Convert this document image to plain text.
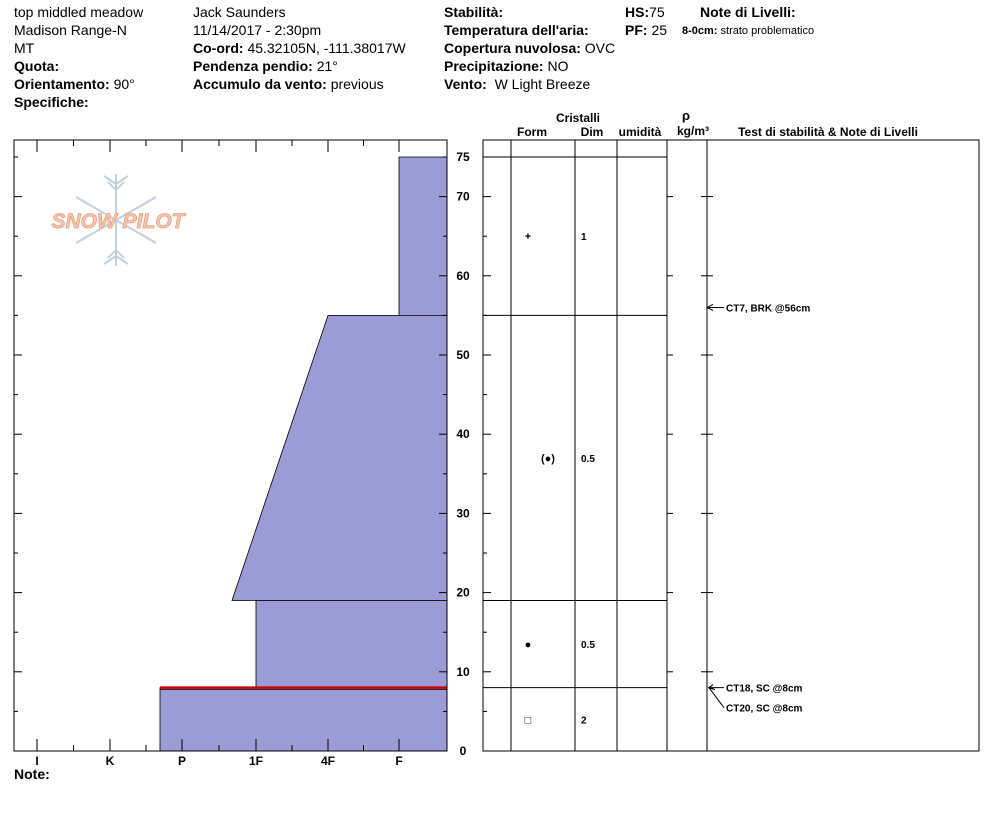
top middled meadow
Madison Range-N
MT
Quota:
Orientamento: 90°
Specifiche:
Jack Saunders
11/14/2017 - 2:30pm
Co-ord: 45.32105N, -111.38017W
Pendenza pendio: 21°
Accumulo da vento: previous
Stabilità:
Temperatura dell'aria:
Copertura nuvolosa: OVC
Precipitazione: NO
Vento: W Light Breeze
HS:75
PF: 25
Note di Livelli:
8-0cm: strato problematico
SNOW PILOT
I	K	P	1F	4F	F
0
10
20
30
40
50
60
70
75
+	1
(●)	0.5
●	0.5
□	2
CT7, BRK @56cm
CT18, SC @8cm
CT20, SC @8cm
Cristalli
Form	Dim umidità
ρ
kg/m³ Test di stabilità & Note di Livelli
Note:
